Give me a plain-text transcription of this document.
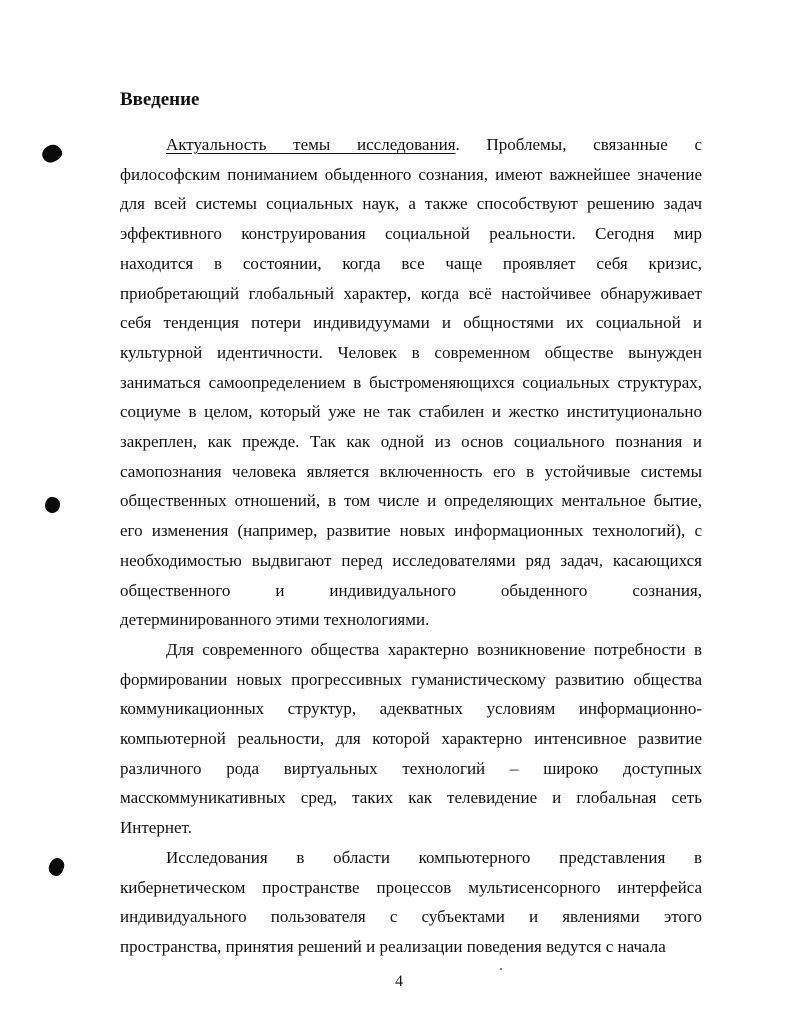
Введение
Актуальность темы исследования. Проблемы, связанные с
философским пониманием обыденного сознания, имеют важнейшее значение
для всей системы социальных наук, а также способствуют решению задач
эффективного конструирования социальной реальности. Сегодня мир
находится в состоянии, когда все чаще проявляет себя кризис,
приобретающий глобальный характер, когда всё настойчивее обнаруживает
себя тенденция потери индивидуумами и общностями их социальной и
культурной идентичности. Человек в современном обществе вынужден
заниматься самоопределением в быстроменяющихся социальных структурах,
социуме в целом, который уже не так стабилен и жестко институционально
закреплен, как прежде. Так как одной из основ социального познания и
самопознания человека является включенность его в устойчивые системы
общественных отношений, в том числе и определяющих ментальное бытие,
его изменения (например, развитие новых информационных технологий), с
необходимостью выдвигают перед исследователями ряд задач, касающихся
общественного и индивидуального обыденного сознания,
детерминированного этими технологиями.
Для современного общества характерно возникновение потребности в
формировании новых прогрессивных гуманистическому развитию общества
коммуникационных структур, адекватных условиям информационно-
компьютерной реальности, для которой характерно интенсивное развитие
различного рода виртуальных технологий – широко доступных
масскоммуникативных сред, таких как телевидение и глобальная сеть
Интернет.
Исследования в области компьютерного представления в
кибернетическом пространстве процессов мультисенсорного интерфейса
индивидуального пользователя с субъектами и явлениями этого
пространства, принятия решений и реализации поведения ведутся с начала
4
